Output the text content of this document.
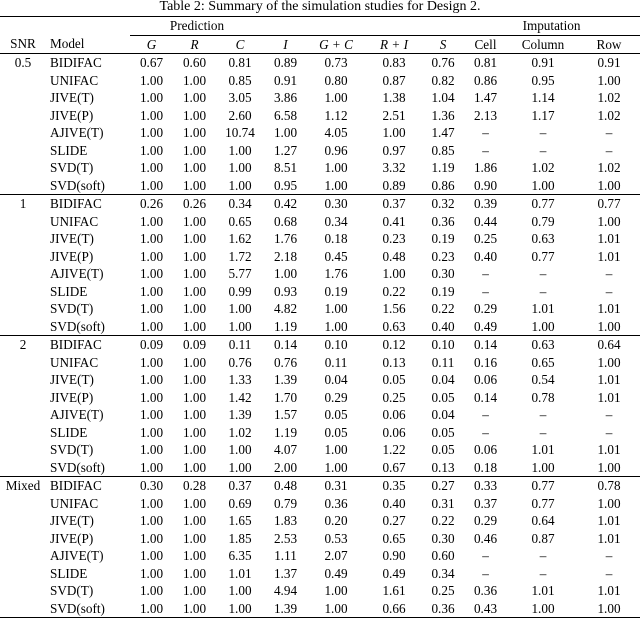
Table 2: Summary of the simulation studies for Design 2.
		Prediction							Imputation		
SNR	Model	G	R	C	I	G + C	R + I	S	Cell	Column	Row
0.5	BIDIFAC	0.67	0.60	0.81	0.89	0.73	0.83	0.76	0.81	0.91	0.91
	UNIFAC	1.00	1.00	0.85	0.91	0.80	0.87	0.82	0.86	0.95	1.00
	JIVE(T)	1.00	1.00	3.05	3.86	1.00	1.38	1.04	1.47	1.14	1.02
	JIVE(P)	1.00	1.00	2.60	6.58	1.12	2.51	1.36	2.13	1.17	1.02
	AJIVE(T)	1.00	1.00	10.74	1.00	4.05	1.00	1.47	–	–	–
	SLIDE	1.00	1.00	1.00	1.27	0.96	0.97	0.85	–	–	–
	SVD(T)	1.00	1.00	1.00	8.51	1.00	3.32	1.19	1.86	1.02	1.02
	SVD(soft)	1.00	1.00	1.00	0.95	1.00	0.89	0.86	0.90	1.00	1.00
1	BIDIFAC	0.26	0.26	0.34	0.42	0.30	0.37	0.32	0.39	0.77	0.77
	UNIFAC	1.00	1.00	0.65	0.68	0.34	0.41	0.36	0.44	0.79	1.00
	JIVE(T)	1.00	1.00	1.62	1.76	0.18	0.23	0.19	0.25	0.63	1.01
	JIVE(P)	1.00	1.00	1.72	2.18	0.45	0.48	0.23	0.40	0.77	1.01
	AJIVE(T)	1.00	1.00	5.77	1.00	1.76	1.00	0.30	–	–	–
	SLIDE	1.00	1.00	0.99	0.93	0.19	0.22	0.19	–	–	–
	SVD(T)	1.00	1.00	1.00	4.82	1.00	1.56	0.22	0.29	1.01	1.01
	SVD(soft)	1.00	1.00	1.00	1.19	1.00	0.63	0.40	0.49	1.00	1.00
2	BIDIFAC	0.09	0.09	0.11	0.14	0.10	0.12	0.10	0.14	0.63	0.64
	UNIFAC	1.00	1.00	0.76	0.76	0.11	0.13	0.11	0.16	0.65	1.00
	JIVE(T)	1.00	1.00	1.33	1.39	0.04	0.05	0.04	0.06	0.54	1.01
	JIVE(P)	1.00	1.00	1.42	1.70	0.29	0.25	0.05	0.14	0.78	1.01
	AJIVE(T)	1.00	1.00	1.39	1.57	0.05	0.06	0.04	–	–	–
	SLIDE	1.00	1.00	1.02	1.19	0.05	0.06	0.05	–	–	–
	SVD(T)	1.00	1.00	1.00	4.07	1.00	1.22	0.05	0.06	1.01	1.01
	SVD(soft)	1.00	1.00	1.00	2.00	1.00	0.67	0.13	0.18	1.00	1.00
Mixed	BIDIFAC	0.30	0.28	0.37	0.48	0.31	0.35	0.27	0.33	0.77	0.78
	UNIFAC	1.00	1.00	0.69	0.79	0.36	0.40	0.31	0.37	0.77	1.00
	JIVE(T)	1.00	1.00	1.65	1.83	0.20	0.27	0.22	0.29	0.64	1.01
	JIVE(P)	1.00	1.00	1.85	2.53	0.53	0.65	0.30	0.46	0.87	1.01
	AJIVE(T)	1.00	1.00	6.35	1.11	2.07	0.90	0.60	–	–	–
	SLIDE	1.00	1.00	1.01	1.37	0.49	0.49	0.34	–	–	–
	SVD(T)	1.00	1.00	1.00	4.94	1.00	1.61	0.25	0.36	1.01	1.01
	SVD(soft)	1.00	1.00	1.00	1.39	1.00	0.66	0.36	0.43	1.00	1.00
